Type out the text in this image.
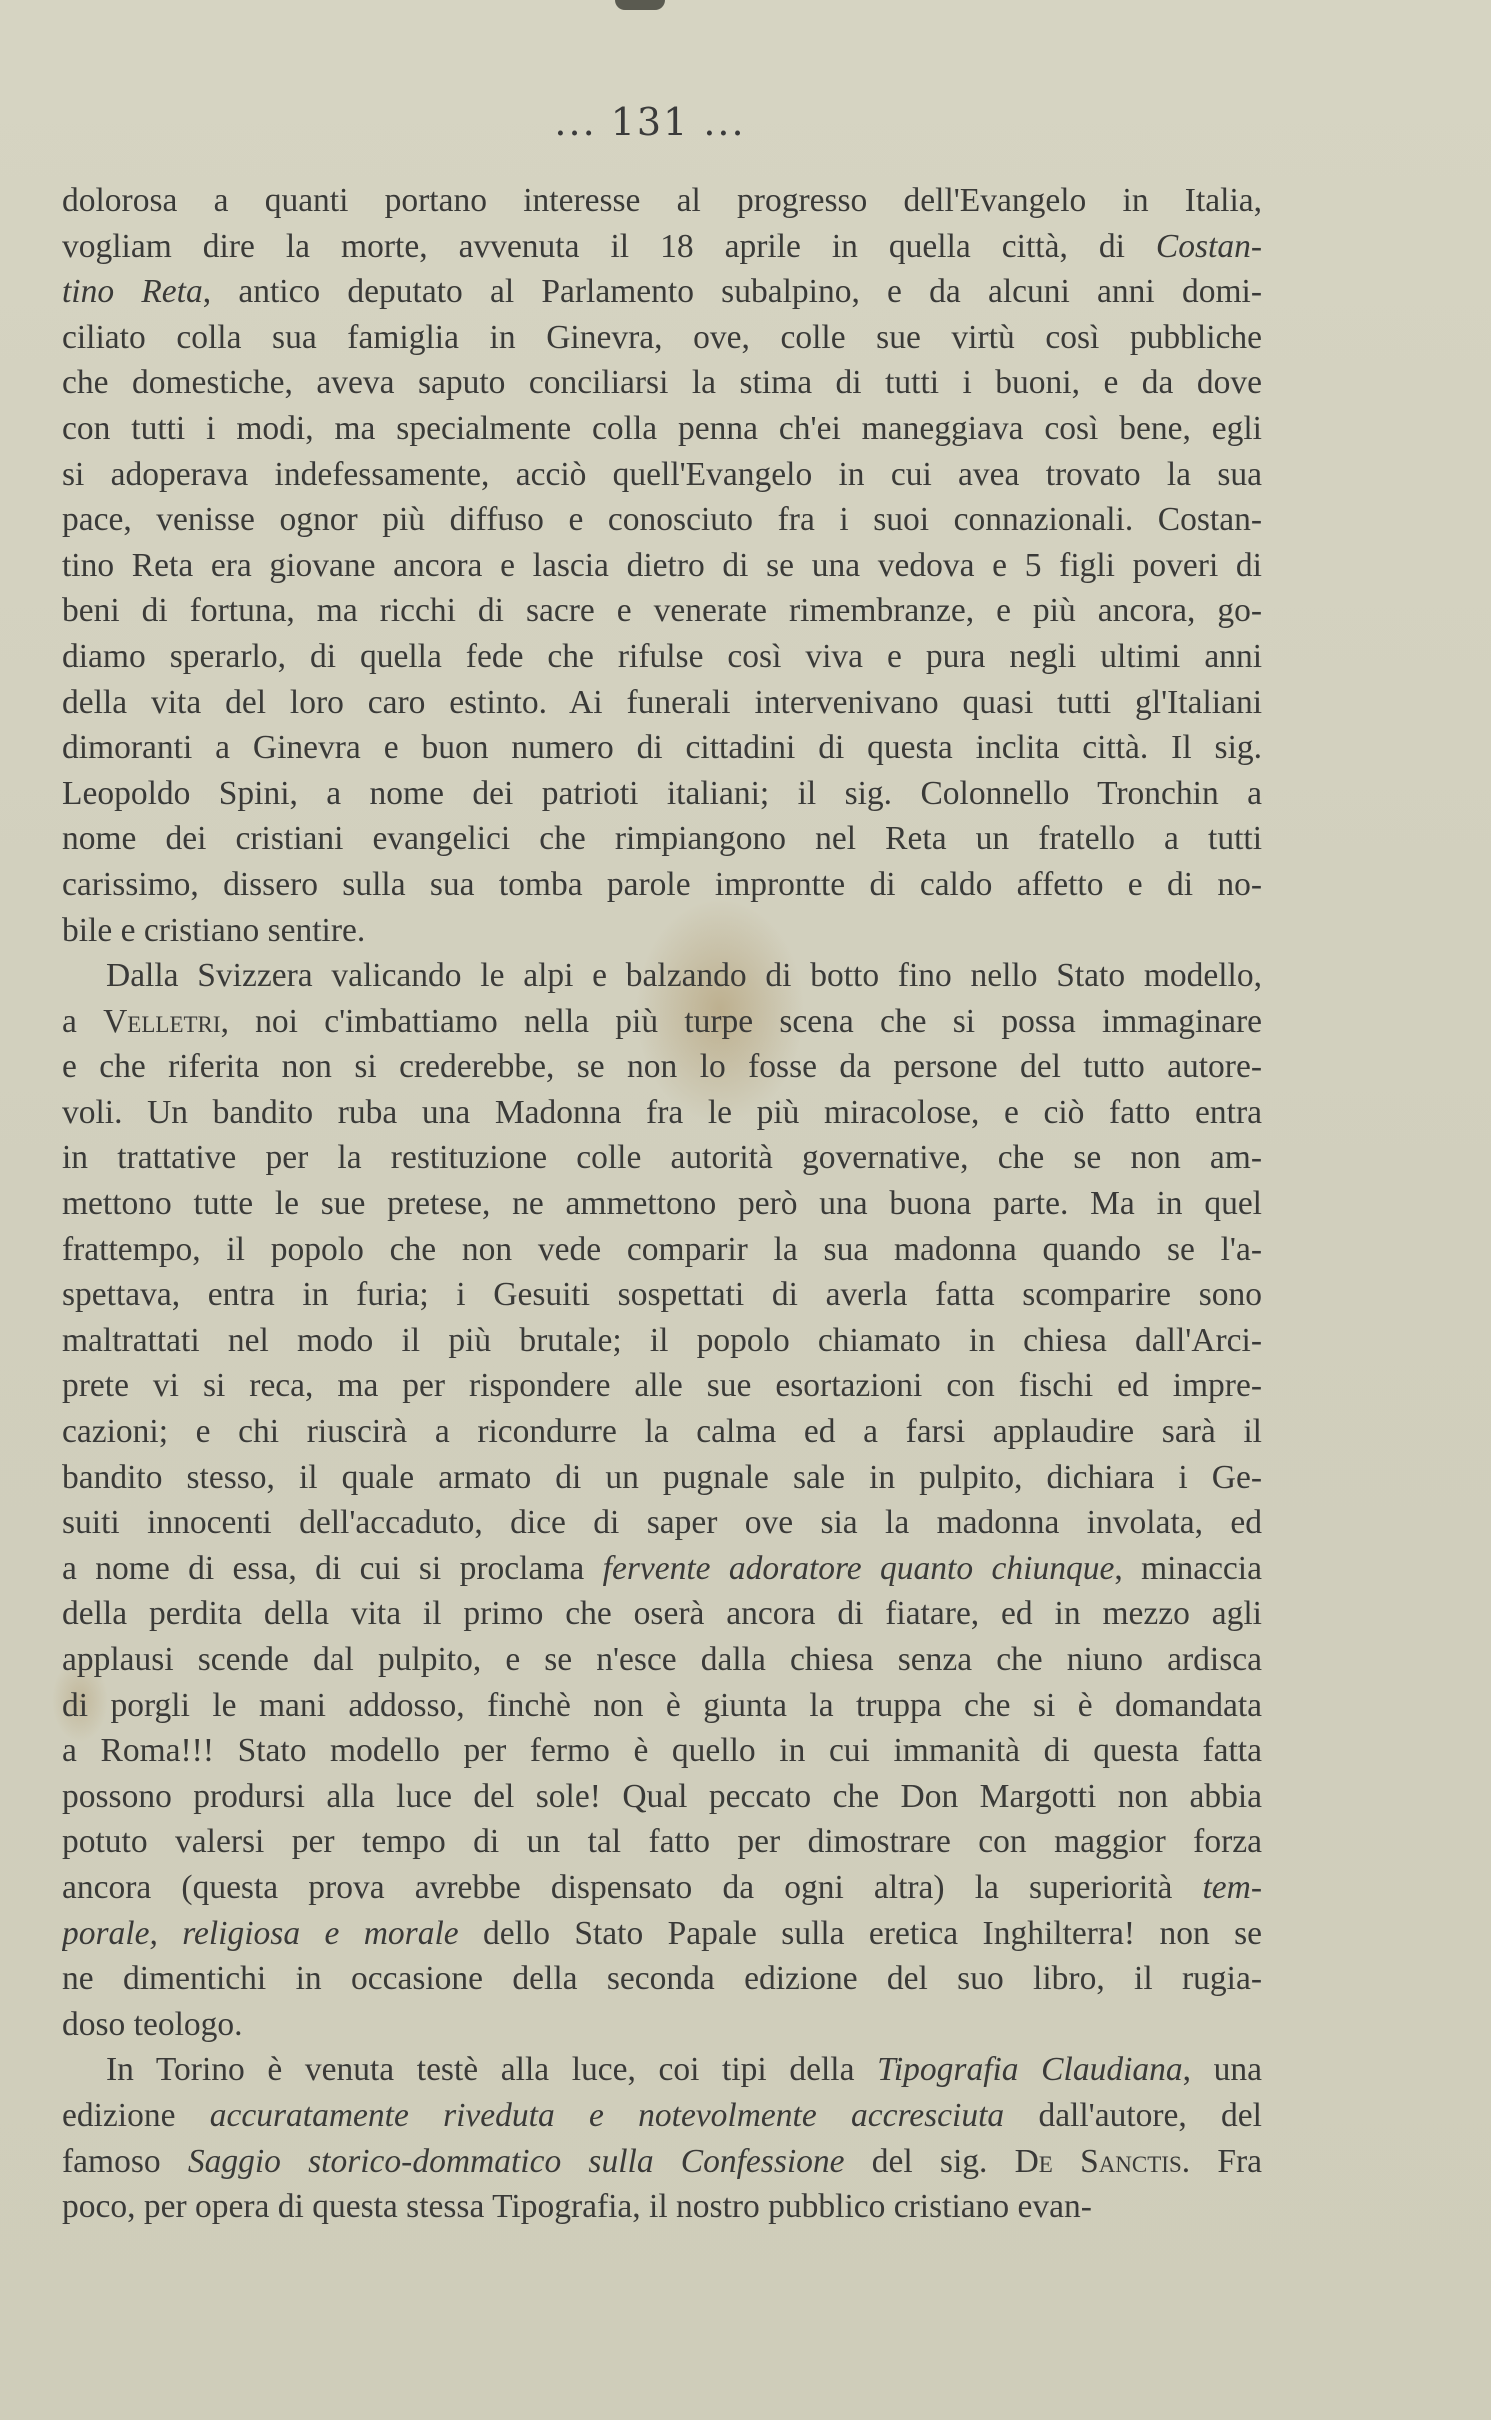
... 131 ...
dolorosa a quanti portano interesse al progresso dell'Evangelo in Italia,
vogliam dire la morte, avvenuta il 18 aprile in quella città, di Costan-
tino Reta, antico deputato al Parlamento subalpino, e da alcuni anni domi-
ciliato colla sua famiglia in Ginevra, ove, colle sue virtù così pubbliche
che domestiche, aveva saputo conciliarsi la stima di tutti i buoni, e da dove
con tutti i modi, ma specialmente colla penna ch'ei maneggiava così bene, egli
si adoperava indefessamente, acciò quell'Evangelo in cui avea trovato la sua
pace, venisse ognor più diffuso e conosciuto fra i suoi connazionali. Costan-
tino Reta era giovane ancora e lascia dietro di se una vedova e 5 figli poveri di
beni di fortuna, ma ricchi di sacre e venerate rimembranze, e più ancora, go-
diamo sperarlo, di quella fede che rifulse così viva e pura negli ultimi anni
della vita del loro caro estinto. Ai funerali intervenivano quasi tutti gl'Italiani
dimoranti a Ginevra e buon numero di cittadini di questa inclita città. Il sig.
Leopoldo Spini, a nome dei patrioti italiani; il sig. Colonnello Tronchin a
nome dei cristiani evangelici che rimpiangono nel Reta un fratello a tutti
carissimo, dissero sulla sua tomba parole improntte di caldo affetto e di no-
bile e cristiano sentire.
Dalla Svizzera valicando le alpi e balzando di botto fino nello Stato modello,
a Velletri, noi c'imbattiamo nella più turpe scena che si possa immaginare
e che riferita non si crederebbe, se non lo fosse da persone del tutto autore-
voli. Un bandito ruba una Madonna fra le più miracolose, e ciò fatto entra
in trattative per la restituzione colle autorità governative, che se non am-
mettono tutte le sue pretese, ne ammettono però una buona parte. Ma in quel
frattempo, il popolo che non vede comparir la sua madonna quando se l'a-
spettava, entra in furia; i Gesuiti sospettati di averla fatta scomparire sono
maltrattati nel modo il più brutale; il popolo chiamato in chiesa dall'Arci-
prete vi si reca, ma per rispondere alle sue esortazioni con fischi ed impre-
cazioni; e chi riuscirà a ricondurre la calma ed a farsi applaudire sarà il
bandito stesso, il quale armato di un pugnale sale in pulpito, dichiara i Ge-
suiti innocenti dell'accaduto, dice di saper ove sia la madonna involata, ed
a nome di essa, di cui si proclama fervente adoratore quanto chiunque, minaccia
della perdita della vita il primo che oserà ancora di fiatare, ed in mezzo agli
applausi scende dal pulpito, e se n'esce dalla chiesa senza che niuno ardisca
di porgli le mani addosso, finchè non è giunta la truppa che si è domandata
a Roma!!! Stato modello per fermo è quello in cui immanità di questa fatta
possono prodursi alla luce del sole! Qual peccato che Don Margotti non abbia
potuto valersi per tempo di un tal fatto per dimostrare con maggior forza
ancora (questa prova avrebbe dispensato da ogni altra) la superiorità tem-
porale, religiosa e morale dello Stato Papale sulla eretica Inghilterra! non se
ne dimentichi in occasione della seconda edizione del suo libro, il rugia-
doso teologo.
In Torino è venuta testè alla luce, coi tipi della Tipografia Claudiana, una
edizione accuratamente riveduta e notevolmente accresciuta dall'autore, del
famoso Saggio storico-dommatico sulla Confessione del sig. De Sanctis. Fra
poco, per opera di questa stessa Tipografia, il nostro pubblico cristiano evan-
